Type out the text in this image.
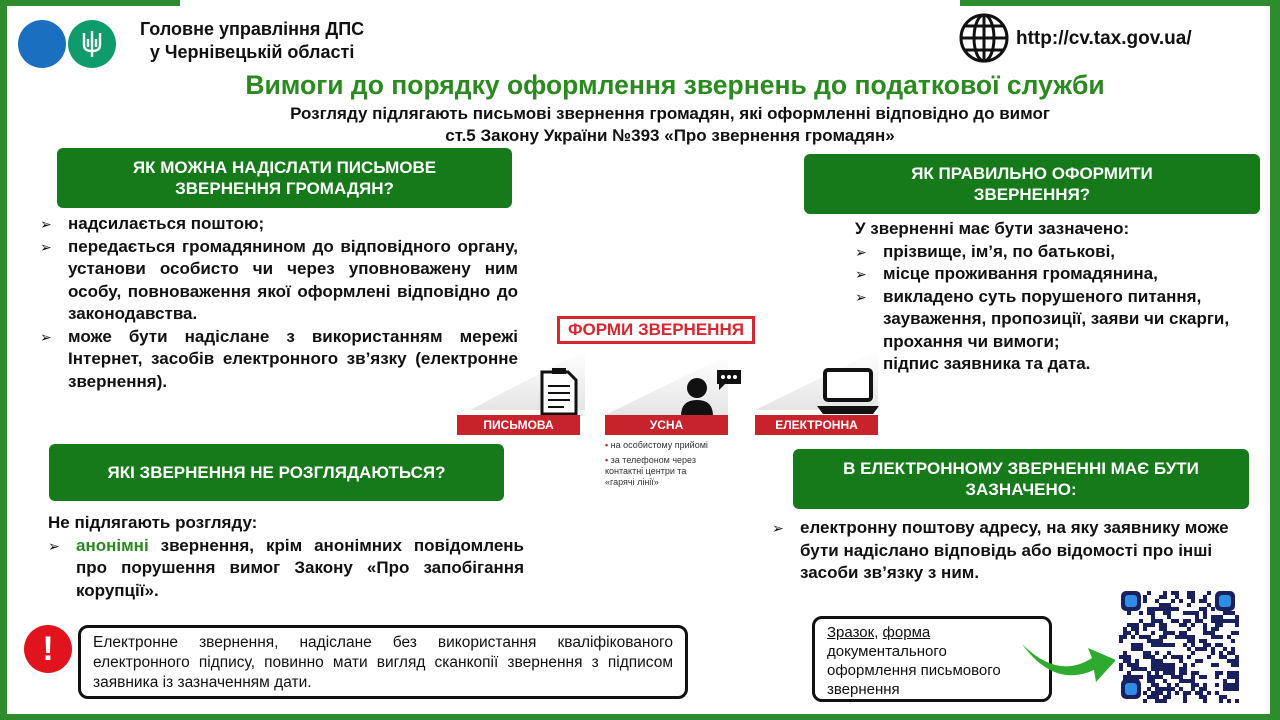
Головне управління ДПС
у Чернівецькій області
http://cv.tax.gov.ua/
Вимоги до порядку оформлення звернень до податкової служби
Розгляду підлягають письмові звернення громадян, які оформленні відповідно до вимог
ст.5 Закону України №393 «Про звернення громадян»
ЯК МОЖНА НАДІСЛАТИ ПИСЬМОВЕ ЗВЕРНЕННЯ ГРОМАДЯН?
➢ надсилається поштою;
➢ передається громадянином до відповідного органу, установи особисто чи через уповноважену ним особу, повноваження якої оформлені відповідно до законодавства.
➢ може бути надіслане з використанням мережі Інтернет, засобів електронного зв’язку (електронне звернення).
ЯК ПРАВИЛЬНО ОФОРМИТИ ЗВЕРНЕННЯ?
У зверненні має бути зазначено:
➢ прізвище, ім’я, по батькові,
➢ місце проживання громадянина,
➢ викладено суть порушеного питання, зауваження, пропозиції, заяви чи скарги, прохання чи вимоги;
➢ підпис заявника та дата.
ФОРМИ ЗВЕРНЕННЯ
ПИСЬМОВА	УСНА	ЕЛЕКТРОННА
• на особистому прийомі
• за телефоном через контактні центри та «гарячі лінії»
ЯКІ ЗВЕРНЕННЯ НЕ РОЗГЛЯДАЮТЬСЯ?
Не підлягають розгляду:
➢ анонімні звернення, крім анонімних повідомлень про порушення вимог Закону «Про запобігання корупції».
В ЕЛЕКТРОННОМУ ЗВЕРНЕННІ МАЄ БУТИ ЗАЗНАЧЕНО:
➢ електронну поштову адресу, на яку заявнику може бути надіслано відповідь або відомості про інші засоби зв’язку з ним.
!	Електронне звернення, надіслане без використання кваліфікованого електронного підпису, повинно мати вигляд сканкопії звернення з підписом заявника із зазначенням дати.
Зразок, форма документального оформлення письмового звернення
